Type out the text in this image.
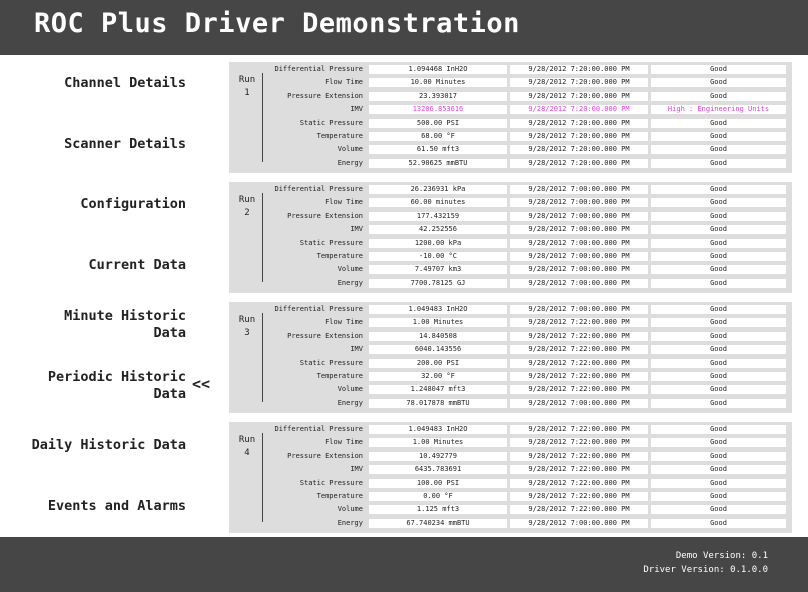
ROC Plus Driver Demonstration
Channel Details
Scanner Details
Configuration
Current Data
Minute Historic Data
Periodic Historic Data
<<
Daily Historic Data
Events and Alarms
Run
1
Differential Pressure	1.094468 InH2O	9/28/2012 7:20:00.000 PM	Good
Flow Time	10.00 Minutes	9/28/2012 7:20:00.000 PM	Good
Pressure Extension	23.393017	9/28/2012 7:20:00.000 PM	Good
IMV	13206.853616	9/28/2012 7:20:00.000 PM	High : Engineering Units
Static Pressure	500.00 PSI	9/28/2012 7:20:00.000 PM	Good
Temperature	68.00 °F	9/28/2012 7:20:00.000 PM	Good
Volume	61.50 mft3	9/28/2012 7:20:00.000 PM	Good
Energy	52.90625 mmBTU	9/28/2012 7:20:00.000 PM	Good
Run
2
Differential Pressure	26.236931 kPa	9/28/2012 7:00:00.000 PM	Good
Flow Time	60.00 minutes	9/28/2012 7:00:00.000 PM	Good
Pressure Extension	177.432159	9/28/2012 7:00:00.000 PM	Good
IMV	42.252556	9/28/2012 7:00:00.000 PM	Good
Static Pressure	1200.00 kPa	9/28/2012 7:00:00.000 PM	Good
Temperature	-10.00 °C	9/28/2012 7:00:00.000 PM	Good
Volume	7.49707 km3	9/28/2012 7:00:00.000 PM	Good
Energy	7700.78125 GJ	9/28/2012 7:00:00.000 PM	Good
Run
3
Differential Pressure	1.049483 InH2O	9/28/2012 7:00:00.000 PM	Good
Flow Time	1.00 Minutes	9/28/2012 7:22:00.000 PM	Good
Pressure Extension	14.840508	9/28/2012 7:22:00.000 PM	Good
IMV	6040.143556	9/28/2012 7:22:00.000 PM	Good
Static Pressure	200.00 PSI	9/28/2012 7:22:00.000 PM	Good
Temperature	32.00 °F	9/28/2012 7:22:00.000 PM	Good
Volume	1.248047 mft3	9/28/2012 7:22:00.000 PM	Good
Energy	78.017878 mmBTU	9/28/2012 7:00:00.000 PM	Good
Run
4
Differential Pressure	1.049483 InH2O	9/28/2012 7:22:00.000 PM	Good
Flow Time	1.00 Minutes	9/28/2012 7:22:00.000 PM	Good
Pressure Extension	10.492779	9/28/2012 7:22:00.000 PM	Good
IMV	6435.783691	9/28/2012 7:22:00.000 PM	Good
Static Pressure	100.00 PSI	9/28/2012 7:22:00.000 PM	Good
Temperature	0.00 °F	9/28/2012 7:22:00.000 PM	Good
Volume	1.125 mft3	9/28/2012 7:22:00.000 PM	Good
Energy	67.740234 mmBTU	9/28/2012 7:00:00.000 PM	Good
Demo Version: 0.1
Driver Version: 0.1.0.0
